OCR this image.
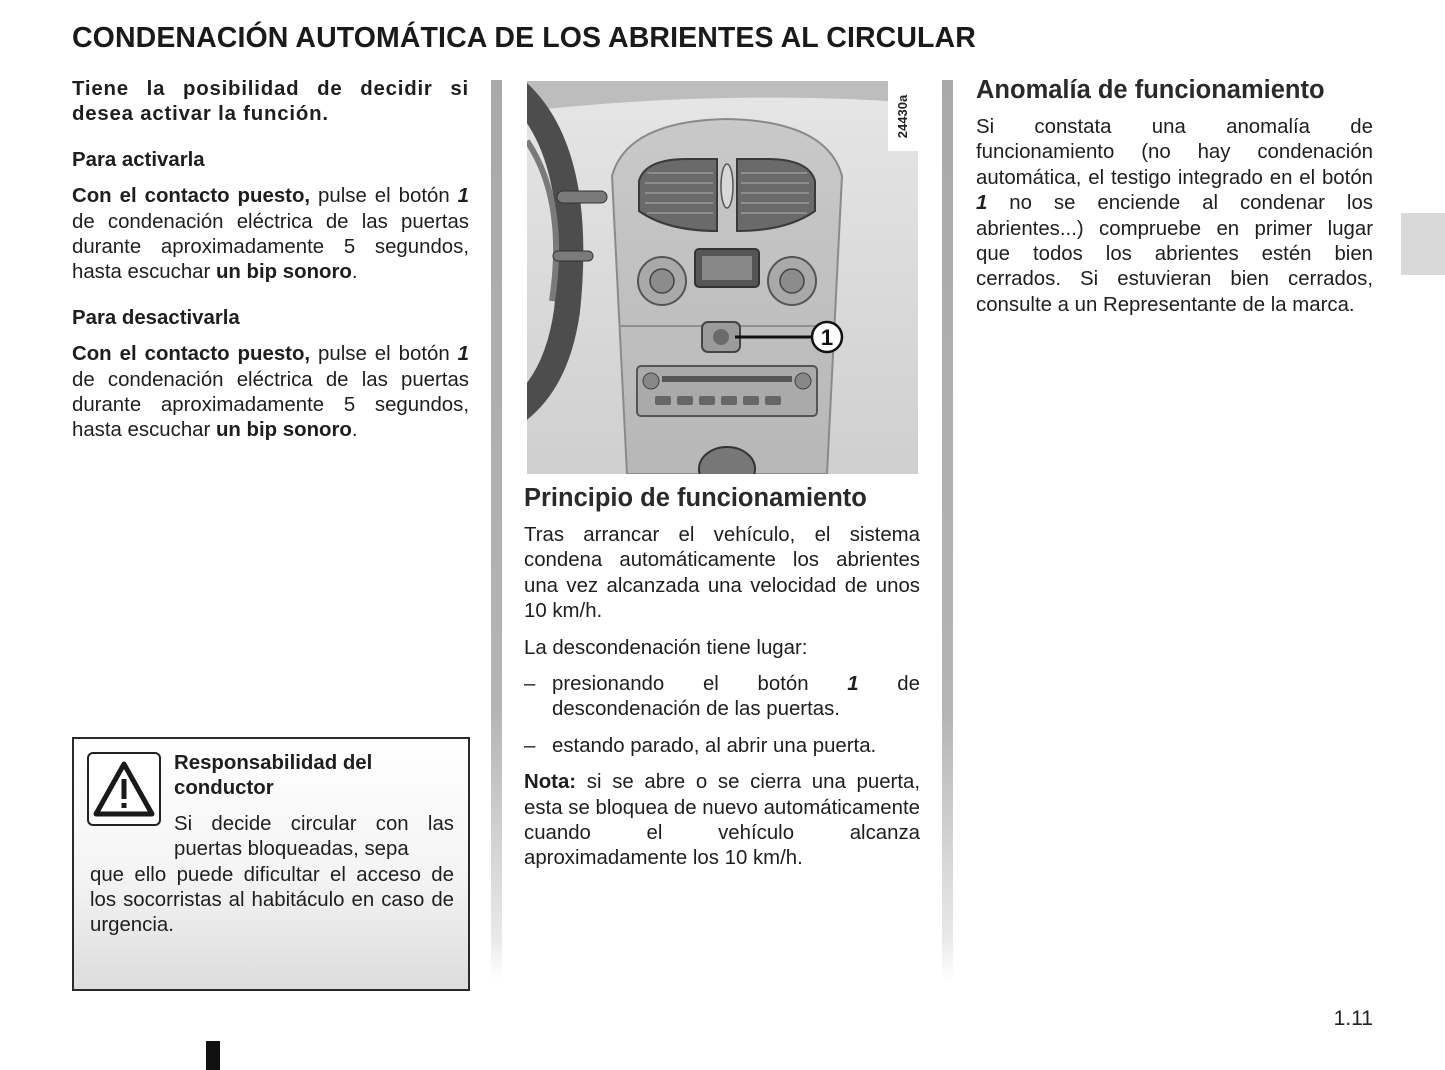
CONDENACIÓN AUTOMÁTICA DE LOS ABRIENTES AL CIRCULAR

Tiene la posibilidad de decidir si desea activar la función.

Para activarla

Con el contacto puesto, pulse el botón 1 de condenación eléctrica de las puertas durante aproximadamente 5 segundos, hasta escuchar un bip sonoro.

Para desactivarla

Con el contacto puesto, pulse el botón 1 de condenación eléctrica de las puertas durante aproximadamente 5 segundos, hasta escuchar un bip sonoro.

Responsabilidad del conductor

Si decide circular con las puertas bloqueadas, sepa

que ello puede dificultar el acceso de los socorristas al habitáculo en caso de urgencia.

1
24430a
Principio de funcionamiento

Tras arrancar el vehículo, el sistema condena automáticamente los abrientes una vez alcanzada una velocidad de unos 10 km/h.

La descondenación tiene lugar:

– presionando el botón 1 de descondenación de las puertas.
– estando parado, al abrir una puerta.

Nota: si se abre o se cierra una puerta, esta se bloquea de nuevo automáticamente cuando el vehículo alcanza aproximadamente los 10 km/h.

Anomalía de funcionamiento

Si constata una anomalía de funcionamiento (no hay condenación automática, el testigo integrado en el botón 1 no se enciende al condenar los abrientes...) compruebe en primer lugar que todos los abrientes estén bien cerrados. Si estuvieran bien cerrados, consulte a un Representante de la marca.

1.11
